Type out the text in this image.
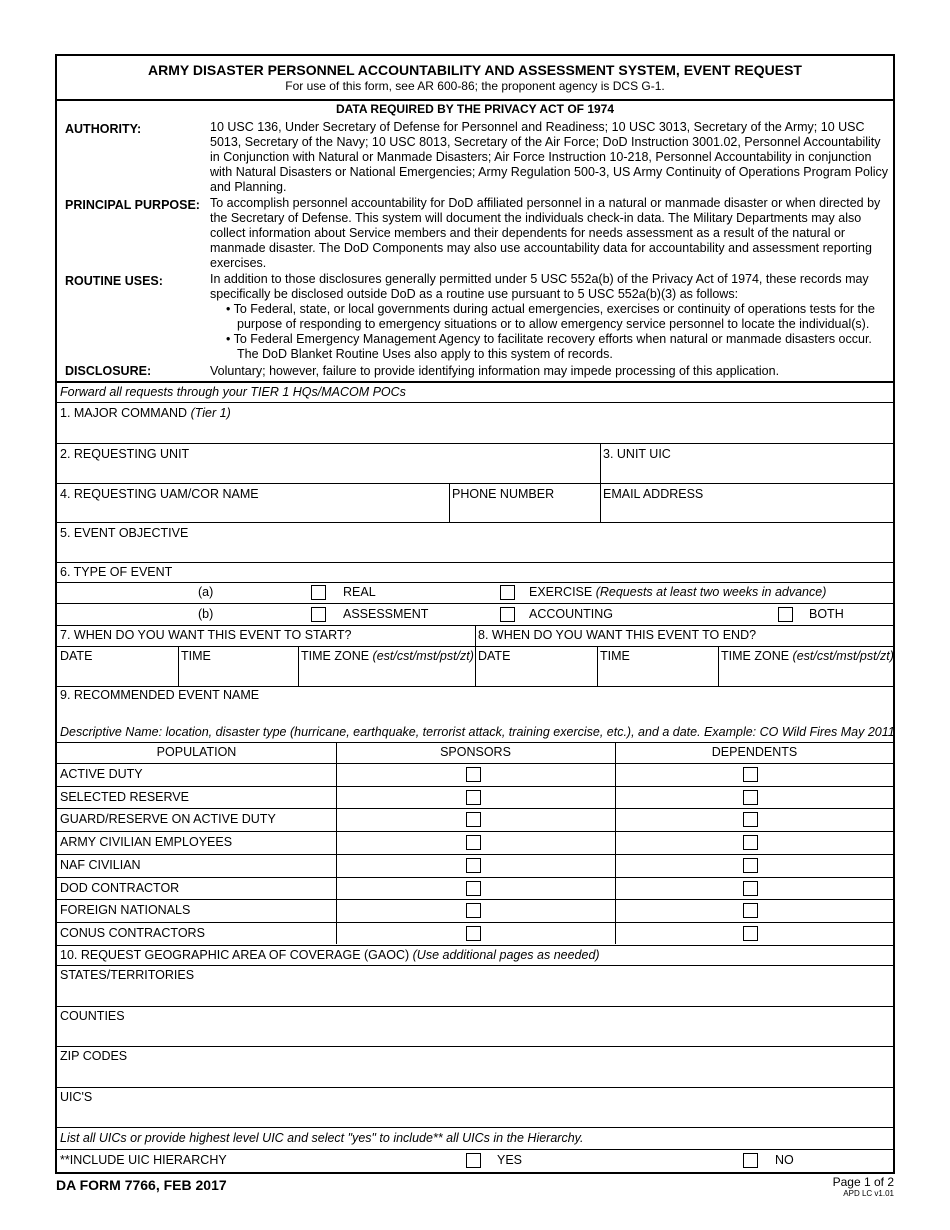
ARMY DISASTER PERSONNEL ACCOUNTABILITY AND ASSESSMENT SYSTEM, EVENT REQUEST
For use of this form, see AR 600-86; the proponent agency is DCS G-1.
DATA REQUIRED BY THE PRIVACY ACT OF 1974
AUTHORITY:	10 USC 136, Under Secretary of Defense for Personnel and Readiness; 10 USC 3013, Secretary of the Army; 10 USC 5013, Secretary of the Navy; 10 USC 8013, Secretary of the Air Force; DoD Instruction 3001.02, Personnel Accountability in Conjunction with Natural or Manmade Disasters; Air Force Instruction 10-218, Personnel Accountability in conjunction with Natural Disasters or National Emergencies; Army Regulation 500-3, US Army Continuity of Operations Program Policy and Planning.
PRINCIPAL PURPOSE: To accomplish personnel accountability for DoD affiliated personnel in a natural or manmade disaster or when directed by the Secretary of Defense. This system will document the individuals check-in data. The Military Departments may also collect information about Service members and their dependents for needs assessment as a result of the natural or manmade disaster. The DoD Components may also use accountability data for accountability and assessment reporting exercises.
ROUTINE USES:	In addition to those disclosures generally permitted under 5 USC 552a(b) of the Privacy Act of 1974, these records may specifically be disclosed outside DoD as a routine use pursuant to 5 USC 552a(b)(3) as follows:
• To Federal, state, or local governments during actual emergencies, exercises or continuity of operations tests for the purpose of responding to emergency situations or to allow emergency service personnel to locate the individual(s).
• To Federal Emergency Management Agency to facilitate recovery efforts when natural or manmade disasters occur. The DoD Blanket Routine Uses also apply to this system of records.
DISCLOSURE:	Voluntary; however, failure to provide identifying information may impede processing of this application.
Forward all requests through your TIER 1 HQs/MACOM POCs
1. MAJOR COMMAND (Tier 1)
2. REQUESTING UNIT	3. UNIT UIC
4. REQUESTING UAM/COR NAME	PHONE NUMBER	EMAIL ADDRESS
5. EVENT OBJECTIVE
6. TYPE OF EVENT
(a)	REAL	EXERCISE (Requests at least two weeks in advance)
(b)	ASSESSMENT	ACCOUNTING	BOTH
7. WHEN DO YOU WANT THIS EVENT TO START?	8. WHEN DO YOU WANT THIS EVENT TO END?
DATE	TIME	TIME ZONE (est/cst/mst/pst/zt) DATE	TIME	TIME ZONE (est/cst/mst/pst/zt)
9. RECOMMENDED EVENT NAME
Descriptive Name: location, disaster type (hurricane, earthquake, terrorist attack, training exercise, etc.), and a date. Example: CO Wild Fires May 2011
POPULATION	SPONSORS	DEPENDENTS
ACTIVE DUTY
SELECTED RESERVE
GUARD/RESERVE ON ACTIVE DUTY
ARMY CIVILIAN EMPLOYEES
NAF CIVILIAN
DOD CONTRACTOR
FOREIGN NATIONALS
CONUS CONTRACTORS
10. REQUEST GEOGRAPHIC AREA OF COVERAGE (GAOC) (Use additional pages as needed)
STATES/TERRITORIES
COUNTIES
ZIP CODES
UIC'S
List all UICs or provide highest level UIC and select "yes" to include** all UICs in the Hierarchy.
**INCLUDE UIC HIERARCHY	YES	NO
DA FORM 7766, FEB 2017	Page 1 of 2
APD LC v1.01
